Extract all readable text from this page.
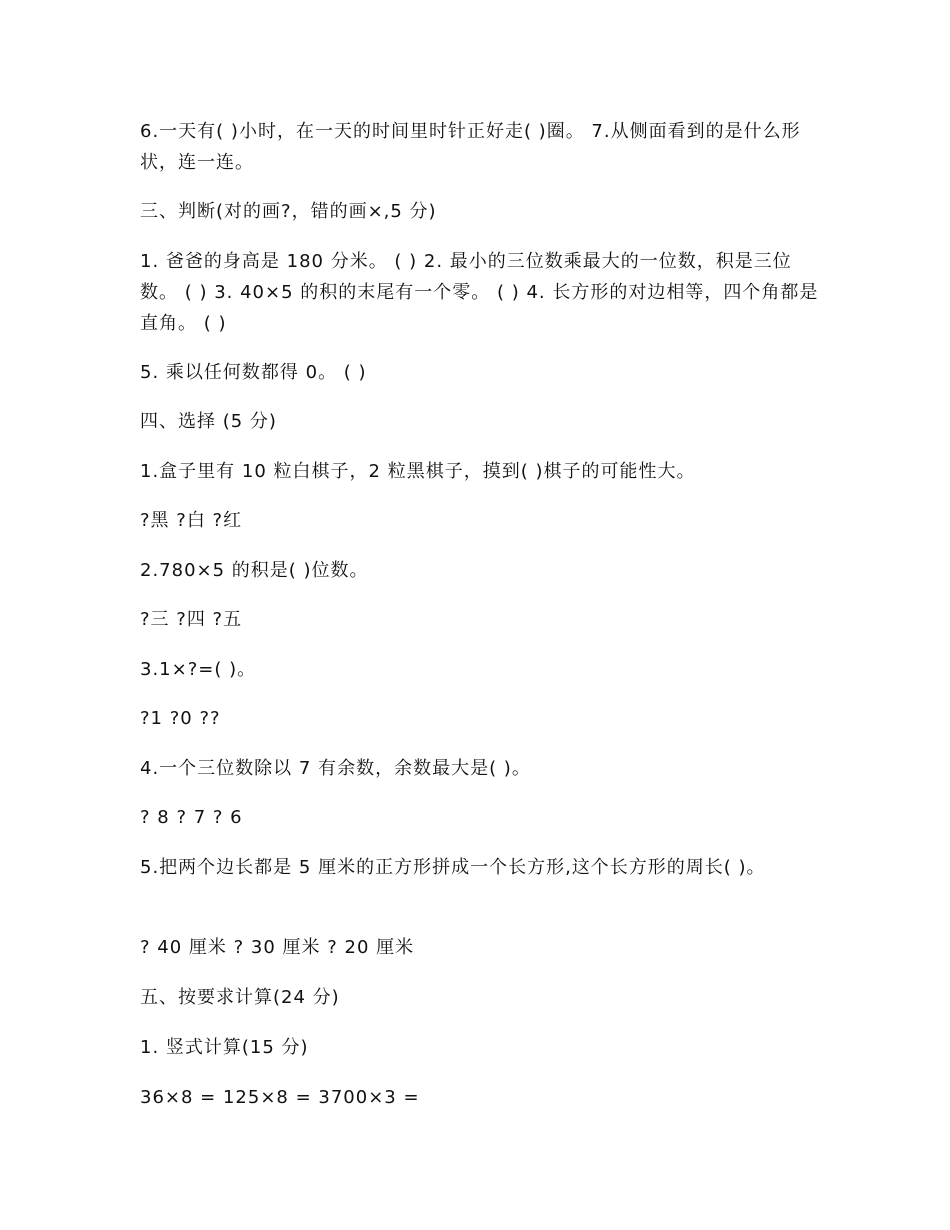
6.一天有( )小时，在一天的时间里时针正好走( )圈。 7.从侧面看到的是什么形状，连一连。

三、判断(对的画?，错的画×,5 分)

1. 爸爸的身高是 180 分米。 ( ) 2. 最小的三位数乘最大的一位数，积是三位数。 ( ) 3. 40×5 的积的末尾有一个零。 ( ) 4. 长方形的对边相等，四个角都是直角。 ( )

5. 乘以任何数都得 0。 ( )

四、选择 (5 分)

1.盒子里有 10 粒白棋子，2 粒黑棋子，摸到( )棋子的可能性大。

?黑 ?白 ?红

2.780×5 的积是( )位数。

?三 ?四 ?五

3.1×?=( )。

?1 ?0 ??

4.一个三位数除以 7 有余数，余数最大是( )。

? 8 ? 7 ? 6

5.把两个边长都是 5 厘米的正方形拼成一个长方形,这个长方形的周长( )。

? 40 厘米 ? 30 厘米 ? 20 厘米

五、按要求计算(24 分)

1. 竖式计算(15 分)

36×8 = 125×8 = 3700×3 =
